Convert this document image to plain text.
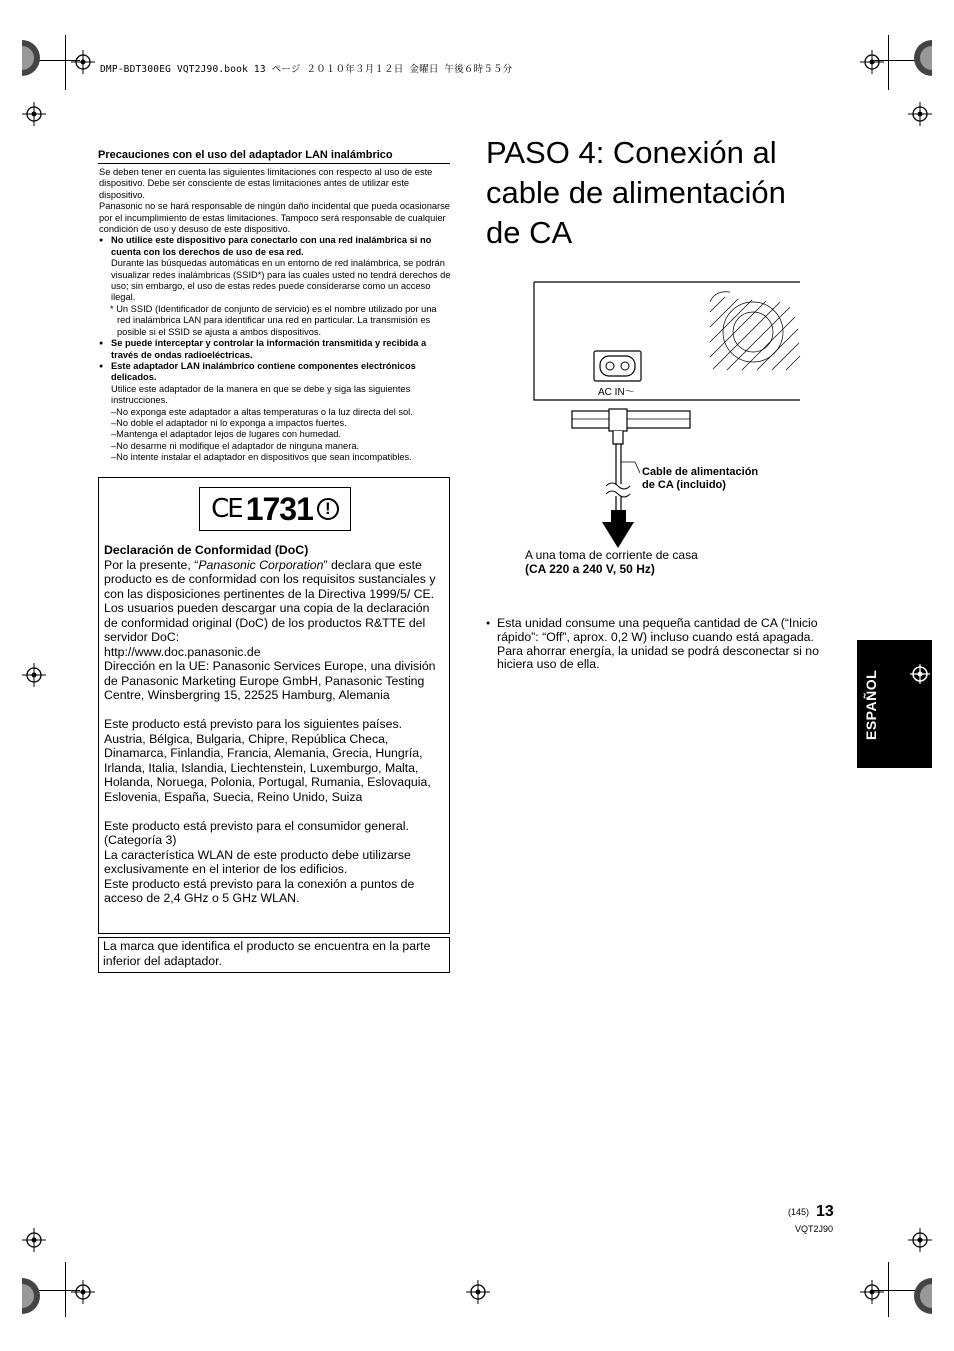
DMP-BDT300EG VQT2J90.book 13 ページ ２０１０年３月１２日 金曜日 午後６時５５分
Precauciones con el uso del adaptador LAN inalámbrico

Se deben tener en cuenta las siguientes limitaciones con respecto al uso de este dispositivo. Debe ser consciente de estas limitaciones antes de utilizar este dispositivo.

Panasonic no se hará responsable de ningún daño incidental que pueda ocasionarse por el incumplimiento de estas limitaciones. Tampoco será responsable de cualquier condición de uso y desuso de este dispositivo.

● No utilice este dispositivo para conectarlo con una red inalámbrica si no cuenta con los derechos de uso de esa red.
Durante las búsquedas automáticas en un entorno de red inalámbrica, se podrán visualizar redes inalámbricas (SSID*) para las cuales usted no tendrá derechos de uso; sin embargo, el uso de estas redes puede considerarse como un acceso ilegal.
* Un SSID (Identificador de conjunto de servicio) es el nombre utilizado por una red inalámbrica LAN para identificar una red en particular. La transmisión es posible si el SSID se ajusta a ambos dispositivos.
● Se puede interceptar y controlar la información transmitida y recibida a través de ondas radioeléctricas.
● Este adaptador LAN inalámbrico contiene componentes electrónicos delicados.
Utilice este adaptador de la manera en que se debe y siga las siguientes instrucciones.
–No exponga este adaptador a altas temperaturas o la luz directa del sol.
–No doble el adaptador ni lo exponga a impactos fuertes.
–Mantenga el adaptador lejos de lugares con humedad.
–No desarme ni modifique el adaptador de ninguna manera.
–No intente instalar el adaptador en dispositivos que sean incompatibles.
CE 1731 !

Declaración de Conformidad (DoC)

Por la presente, “Panasonic Corporation” declara que este producto es de conformidad con los requisitos sustanciales y con las disposiciones pertinentes de la Directiva 1999/5/ CE.

Los usuarios pueden descargar una copia de la declaración de conformidad original (DoC) de los productos R&TTE del servidor DoC:

http://www.doc.panasonic.de

Dirección en la UE: Panasonic Services Europe, una división de Panasonic Marketing Europe GmbH, Panasonic Testing Centre, Winsbergring 15, 22525 Hamburg, Alemania

Este producto está previsto para los siguientes países. Austria, Bélgica, Bulgaria, Chipre, República Checa, Dinamarca, Finlandia, Francia, Alemania, Grecia, Hungría, Irlanda, Italia, Islandia, Liechtenstein, Luxemburgo, Malta, Holanda, Noruega, Polonia, Portugal, Rumania, Eslovaquia, Eslovenia, España, Suecia, Reino Unido, Suiza

Este producto está previsto para el consumidor general. (Categoría 3)

La característica WLAN de este producto debe utilizarse exclusivamente en el interior de los edificios.

Este producto está previsto para la conexión a puntos de acceso de 2,4 GHz o 5 GHz WLAN.

La marca que identifica el producto se encuentra en la parte inferior del adaptador.
PASO 4: Conexión al
cable de alimentación
de CA
AC IN～
Cable de alimentación
de CA (incluido)
A una toma de corriente de casa
(CA 220 a 240 V, 50 Hz)
● Esta unidad consume una pequeña cantidad de CA (“Inicio rápido”: “Off”, aprox. 0,2 W) incluso cuando está apagada. Para ahorrar energía, la unidad se podrá desconectar si no hiciera uso de ella.
ESPAÑOL
(145) 13
VQT2J90
